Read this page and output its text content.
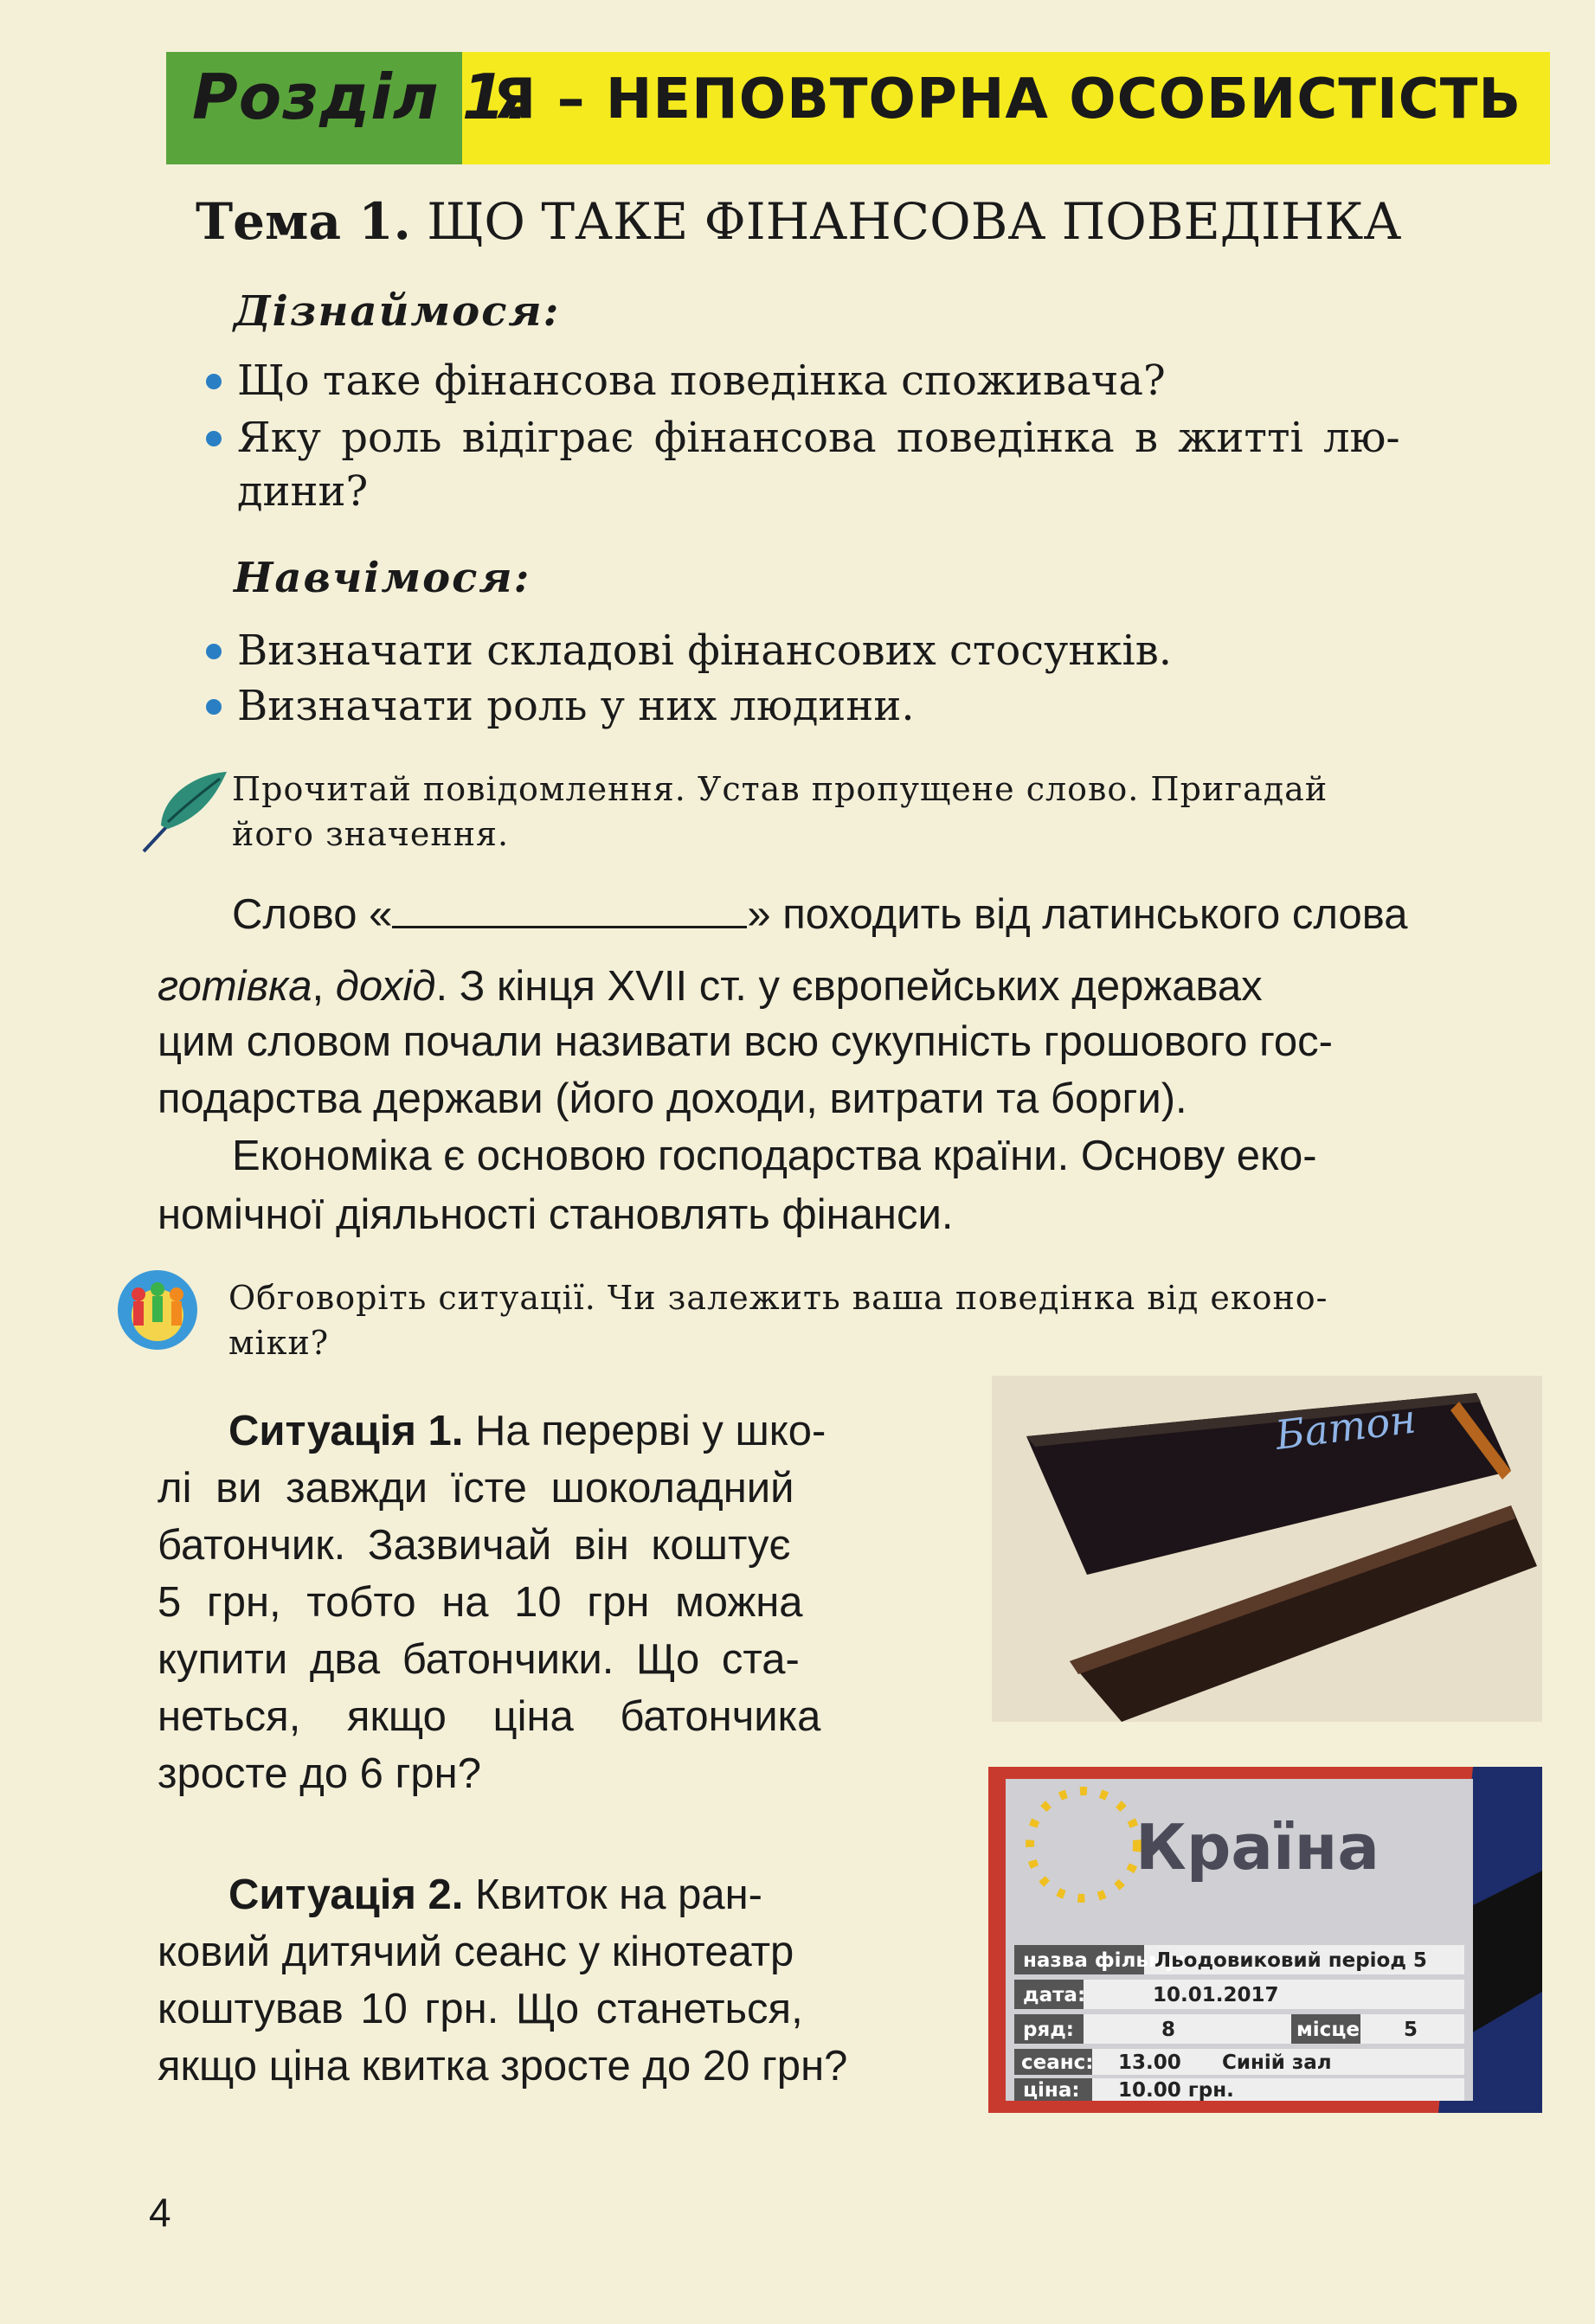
Розділ 1.
Я – НЕПОВТОРНА ОСОБИСТІСТЬ
Тема 1. ЩО ТАКЕ ФІНАНСОВА ПОВЕДІНКА
Дізнаймося:
Що таке фінансова поведінка споживача?
Яку роль відіграє фінансова поведінка в житті лю-
дини?
Навчімося:
Визначати складові фінансових стосунків.
Визначати роль у них людини.
Прочитай повідомлення. Устав пропущене слово. Пригадай
його значення.
Слово «	» походить від латинського слова
готівка, дохід. З кінця XVII ст. у європейських державах
цим словом почали називати всю сукупність грошового гос-
подарства держави (його доходи, витрати та борги).
Економіка є основою господарства країни. Основу еко-
номічної діяльності становлять фінанси.
Обговоріть ситуації. Чи залежить ваша поведінка від еконо-
міки?
Ситуація 1. На перерві у шко-
лі ви завжди їсте шоколадний
батончик. Зазвичай він коштує
5 грн, тобто на 10 грн можна
купити два батончики. Що ста-
неться, якщо ціна батончика
зросте до 6 грн?
Ситуація 2. Квиток на ран-
ковий дитячий сеанс у кінотеатр
коштував 10 грн. Що станеться,
якщо ціна квитка зросте до 20 грн?
Батон
Країна
назва фільму:
Льодовиковий період 5
дата:	10.01.2017
ряд:	8	місце 5
сеанс: 13.00 Синій зал
ціна: 10.00 грн.
4
